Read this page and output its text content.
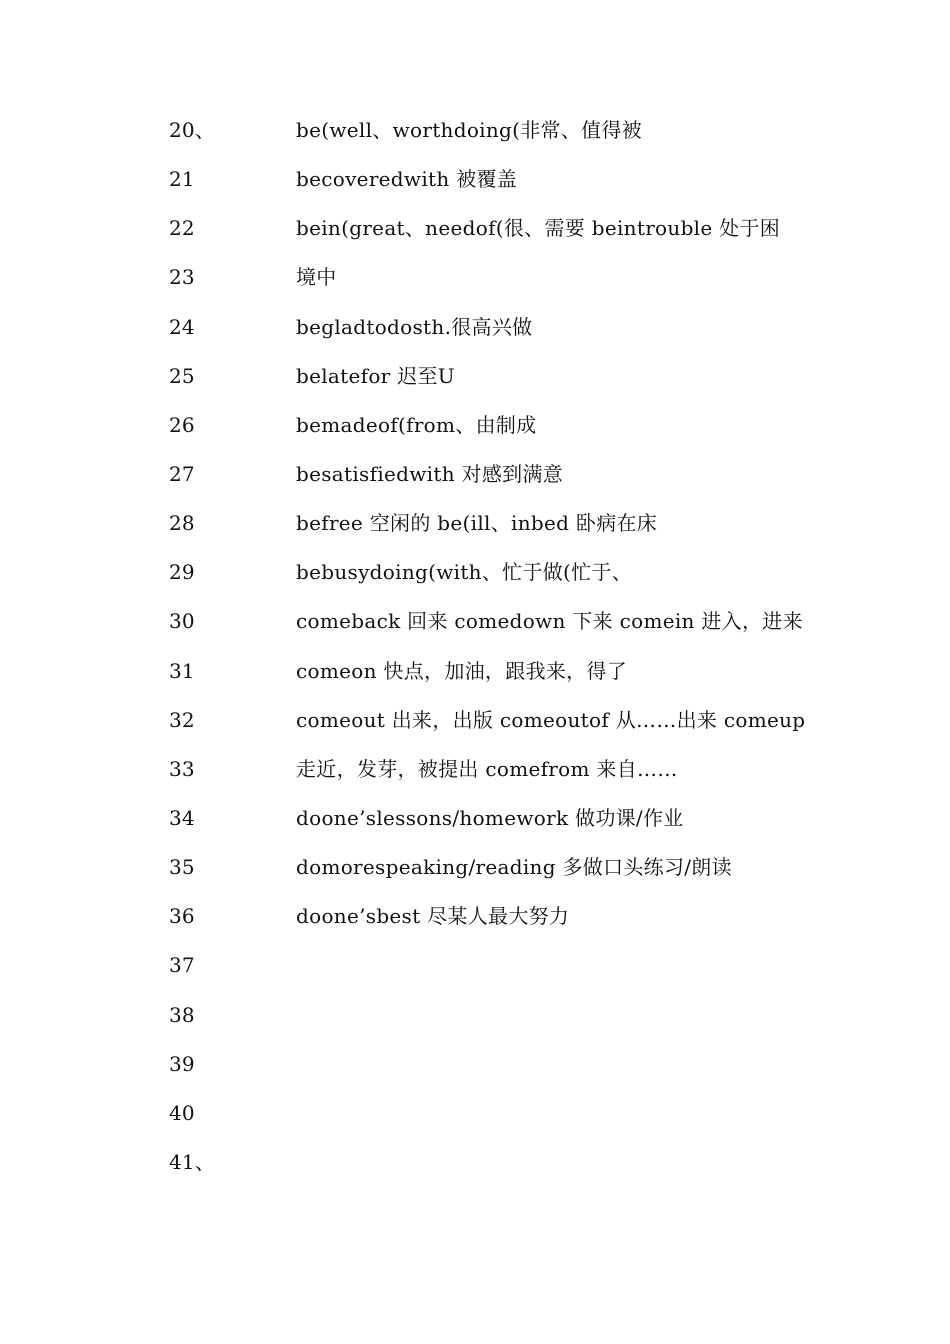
20、	be(well、worthdoing(非常、值得被
21	becoveredwith 被覆盖
22	bein(great、needof(很、需要 beintrouble 处于困
23	境中
24	begladtodosth.很高兴做
25	belatefor 迟至U
26	bemadeof(from、由制成
27	besatisfiedwith 对感到满意
28	befree 空闲的 be(ill、inbed 卧病在床
29	bebusydoing(with、忙于做(忙于、
30	comeback 回来 comedown 下来 comein 进入，进来
31	comeon 快点，加油，跟我来，得了
32	comeout 出来，出版 comeoutof 从……出来 comeup
33	走近，发芽，被提出 comefrom 来自……
34	doone’slessons/homework 做功课/作业
35	domorespeaking/reading 多做口头练习/朗读
36	doone’sbest 尽某人最大努力
37
38
39
40
41、
